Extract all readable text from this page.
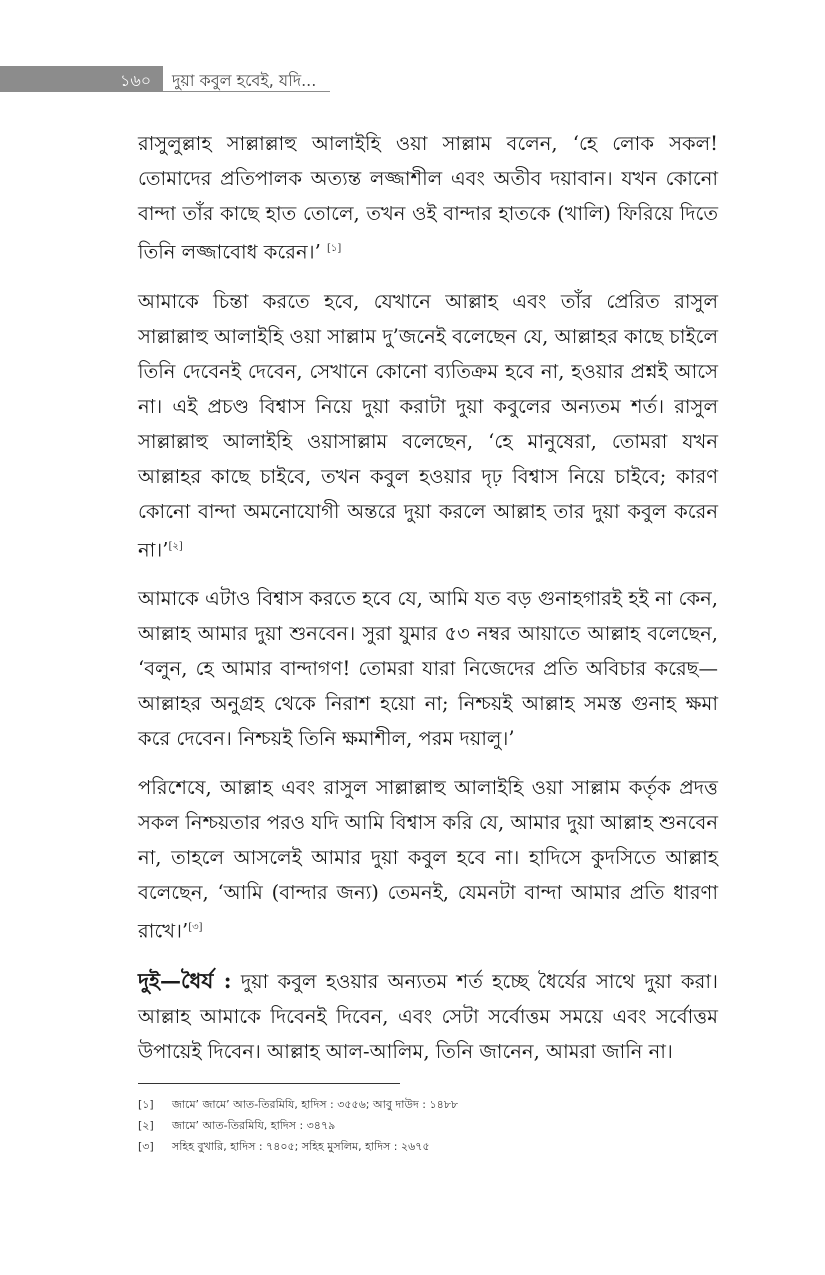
১৬০ দুয়া কবুল হবেই, যদি...

রাসুলুল্লাহ সাল্লাল্লাহু আলাইহি ওয়া সাল্লাম বলেন, ‘হে লোক সকল! তোমাদের প্রতিপালক অত্যন্ত লজ্জাশীল এবং অতীব দয়াবান। যখন কোনো বান্দা তাঁর কাছে হাত তোলে, তখন ওই বান্দার হাতকে (খালি) ফিরিয়ে দিতে তিনি লজ্জাবোধ করেন।’ [১]

আমাকে চিন্তা করতে হবে, যেখানে আল্লাহ এবং তাঁর প্রেরিত রাসুল সাল্লাল্লাহু আলাইহি ওয়া সাল্লাম দু’জনেই বলেছেন যে, আল্লাহর কাছে চাইলে তিনি দেবেনই দেবেন, সেখানে কোনো ব্যতিক্রম হবে না, হওয়ার প্রশ্নই আসে না। এই প্রচণ্ড বিশ্বাস নিয়ে দুয়া করাটা দুয়া কবুলের অন্যতম শর্ত। রাসুল সাল্লাল্লাহু আলাইহি ওয়াসাল্লাম বলেছেন, ‘হে মানুষেরা, তোমরা যখন আল্লাহর কাছে চাইবে, তখন কবুল হওয়ার দৃঢ় বিশ্বাস নিয়ে চাইবে; কারণ কোনো বান্দা অমনোযোগী অন্তরে দুয়া করলে আল্লাহ তার দুয়া কবুল করেন না।’[২]

আমাকে এটাও বিশ্বাস করতে হবে যে, আমি যত বড় গুনাহগারই হই না কেন, আল্লাহ আমার দুয়া শুনবেন। সুরা যুমার ৫৩ নম্বর আয়াতে আল্লাহ বলেছেন, ‘বলুন, হে আমার বান্দাগণ! তোমরা যারা নিজেদের প্রতি অবিচার করেছ—আল্লাহর অনুগ্রহ থেকে নিরাশ হয়ো না; নিশ্চয়ই আল্লাহ সমস্ত গুনাহ ক্ষমা করে দেবেন। নিশ্চয়ই তিনি ক্ষমাশীল, পরম দয়ালু।’

পরিশেষে, আল্লাহ এবং রাসুল সাল্লাল্লাহু আলাইহি ওয়া সাল্লাম কর্তৃক প্রদত্ত সকল নিশ্চয়তার পরও যদি আমি বিশ্বাস করি যে, আমার দুয়া আল্লাহ শুনবেন না, তাহলে আসলেই আমার দুয়া কবুল হবে না। হাদিসে কুদসিতে আল্লাহ বলেছেন, ‘আমি (বান্দার জন্য) তেমনই, যেমনটা বান্দা আমার প্রতি ধারণা রাখে।’[৩]

দুই—ধৈর্য : দুয়া কবুল হওয়ার অন্যতম শর্ত হচ্ছে ধৈর্যের সাথে দুয়া করা। আল্লাহ আমাকে দিবেনই দিবেন, এবং সেটা সর্বোত্তম সময়ে এবং সর্বোত্তম উপায়েই দিবেন। আল্লাহ আল-আলিম, তিনি জানেন, আমরা জানি না।

[১]	জামে’ জামে’ আত-তিরমিযি, হাদিস : ৩৫৫৬; আবু দাউদ : ১৪৮৮
[২]	জামে’ আত-তিরমিযি, হাদিস : ৩৪৭৯
[৩]	সহিহ বুখারি, হাদিস : ৭৪০৫; সহিহ মুসলিম, হাদিস : ২৬৭৫
